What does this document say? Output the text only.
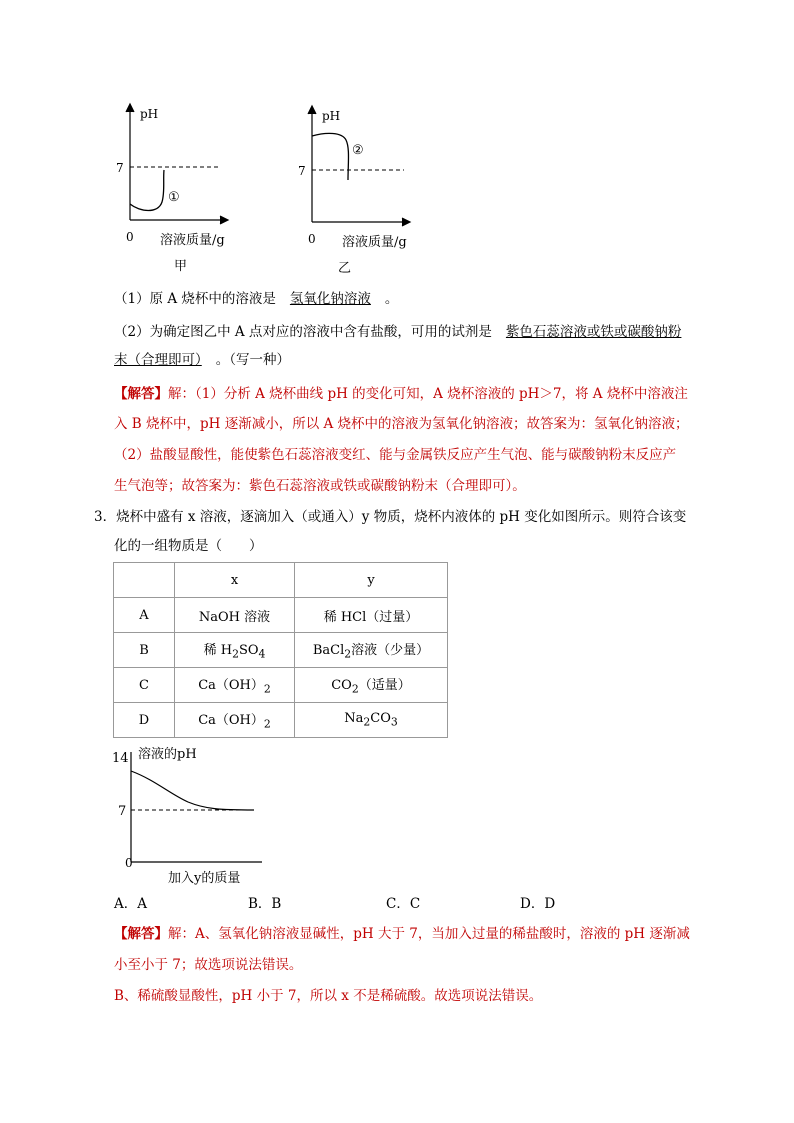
pH
7
①
0 溶液质量/g
甲
pH
7
②
0 溶液质量/g
乙
（1）原 A 烧杯中的溶液是 氢氧化钠溶液 。
（2）为确定图乙中 A 点对应的溶液中含有盐酸，可用的试剂是 紫色石蕊溶液或铁或碳酸钠粉
末（合理即可） 。（写一种）
【解答】解：（1）分析 A 烧杯曲线 pH 的变化可知，A 烧杯溶液的 pH＞7，将 A 烧杯中溶液注
入 B 烧杯中，pH 逐渐减小，所以 A 烧杯中的溶液为氢氧化钠溶液；故答案为：氢氧化钠溶液；
（2）盐酸显酸性，能使紫色石蕊溶液变红、能与金属铁反应产生气泡、能与碳酸钠粉末反应产
生气泡等；故答案为：紫色石蕊溶液或铁或碳酸钠粉末（合理即可）。
3．烧杯中盛有 x 溶液，逐滴加入（或通入）y 物质，烧杯内液体的 pH 变化如图所示。则符合该变
化的一组物质是（　　）
	x	y
A	NaOH 溶液	稀 HCl（过量）
B	稀 $H_2SO_4$	BaCl$_2$溶液（少量）
C	$Ca(OH)_2$	$CO_2$（适量）
D	$Ca(OH)_2$	$Na_2CO_3$
溶液的pH
14
7
0
加入y的质量
A．A	B．B	C．C	D．D
【解答】解：A、氢氧化钠溶液显碱性，pH 大于 7，当加入过量的稀盐酸时，溶液的 pH 逐渐减
小至小于 7；故选项说法错误。
B、稀硫酸显酸性，pH 小于 7，所以 x 不是稀硫酸。故选项说法错误。
